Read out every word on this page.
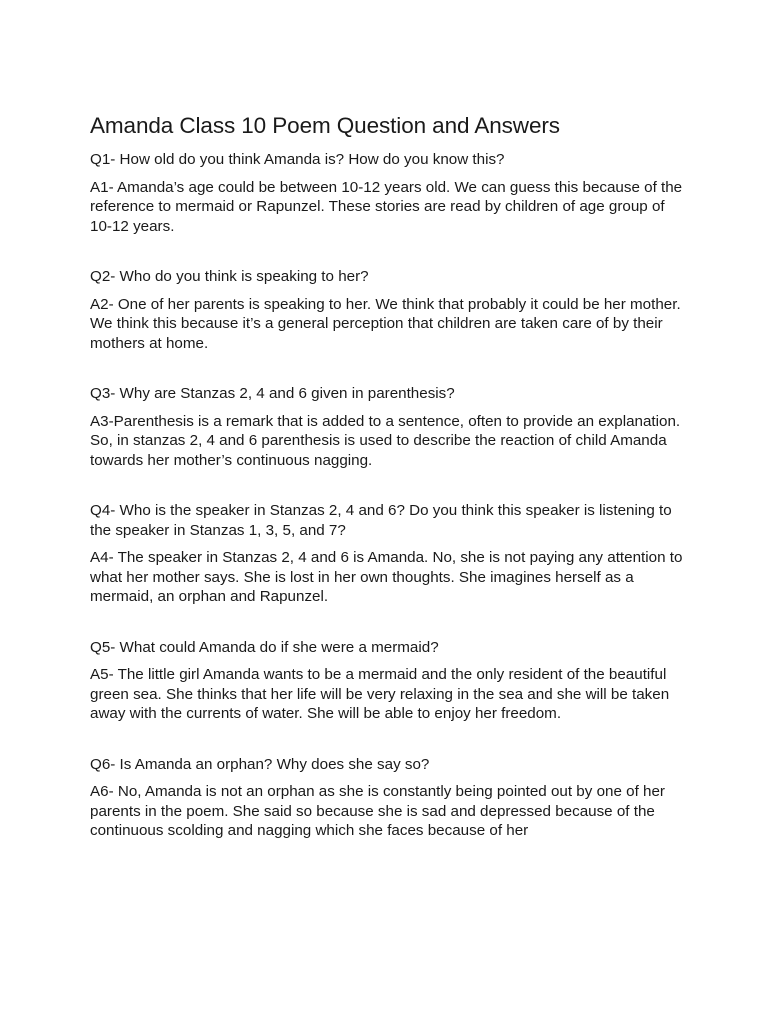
Amanda Class 10 Poem Question and Answers

Q1- How old do you think Amanda is? How do you know this?

A1- Amanda’s age could be between 10-12 years old. We can guess this because of the reference to mermaid or Rapunzel. These stories are read by children of age group of 10-12 years.

Q2- Who do you think is speaking to her?

A2- One of her parents is speaking to her. We think that probably it could be her mother. We think this because it’s a general perception that children are taken care of by their mothers at home.

Q3- Why are Stanzas 2, 4 and 6 given in parenthesis?

A3-Parenthesis is a remark that is added to a sentence, often to provide an explanation. So, in stanzas 2, 4 and 6 parenthesis is used to describe the reaction of child Amanda towards her mother’s continuous nagging.

Q4- Who is the speaker in Stanzas 2, 4 and 6? Do you think this speaker is listening to the speaker in Stanzas 1, 3, 5, and 7?

A4- The speaker in Stanzas 2, 4 and 6 is Amanda. No, she is not paying any attention to what her mother says. She is lost in her own thoughts. She imagines herself as a mermaid, an orphan and Rapunzel.

Q5- What could Amanda do if she were a mermaid?

A5- The little girl Amanda wants to be a mermaid and the only resident of the beautiful green sea. She thinks that her life will be very relaxing in the sea and she will be taken away with the currents of water. She will be able to enjoy her freedom.

Q6- Is Amanda an orphan? Why does she say so?

A6- No, Amanda is not an orphan as she is constantly being pointed out by one of her parents in the poem. She said so because she is sad and depressed because of the continuous scolding and nagging which she faces because of her
